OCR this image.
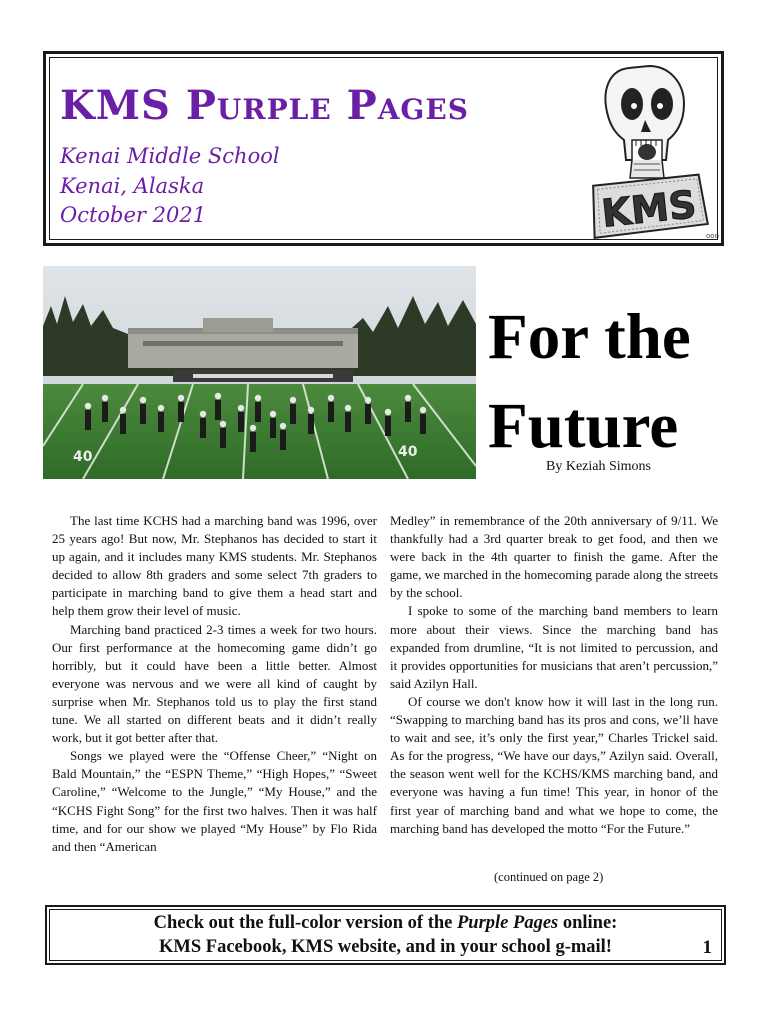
KMS Purple Pages
Kenai Middle School
Kenai, Alaska
October 2021	KMS
ooo
40	40
For the
Future
By Keziah Simons

The last time KCHS had a marching band was 1996, over 25 years ago! But now, Mr. Stephanos has decided to start it up again, and it includes many KMS students. Mr. Stephanos decided to allow 8th graders and some select 7th graders to participate in marching band to give them a head start and help them grow their level of music.

Marching band practiced 2-3 times a week for two hours. Our first performance at the homecoming game didn’t go horribly, but it could have been a little better. Almost everyone was nervous and we were all kind of caught by surprise when Mr. Stephanos told us to play the first stand tune. We all started on different beats and it didn’t really work, but it got better after that.

Songs we played were the “Offense Cheer,” “Night on Bald Mountain,” the “ESPN Theme,” “High Hopes,” “Sweet Caroline,” “Welcome to the Jungle,” “My House,” and the “KCHS Fight Song” for the first two halves. Then it was half time, and for our show we played “My House” by Flo Rida and then “American

Medley” in remembrance of the 20th anniversary of 9/11. We thankfully had a 3rd quarter break to get food, and then we were back in the 4th quarter to finish the game. After the game, we marched in the homecoming parade along the streets by the school.

I spoke to some of the marching band members to learn more about their views. Since the marching band has expanded from drumline, “It is not limited to percussion, and it provides opportunities for musicians that aren’t percussion,” said Azilyn Hall.

Of course we don't know how it will last in the long run. “Swapping to marching band has its pros and cons, we’ll have to wait and see, it’s only the first year,” Charles Trickel said. As for the progress, “We have our days,” Azilyn said. Overall, the season went well for the KCHS/KMS marching band, and everyone was having a fun time! This year, in honor of the first year of marching band and what we hope to come, the marching band has developed the motto “For the Future.”

(continued on page 2)
Check out the full-color version of the Purple Pages online:
KMS Facebook, KMS website, and in your school g-mail!	1
